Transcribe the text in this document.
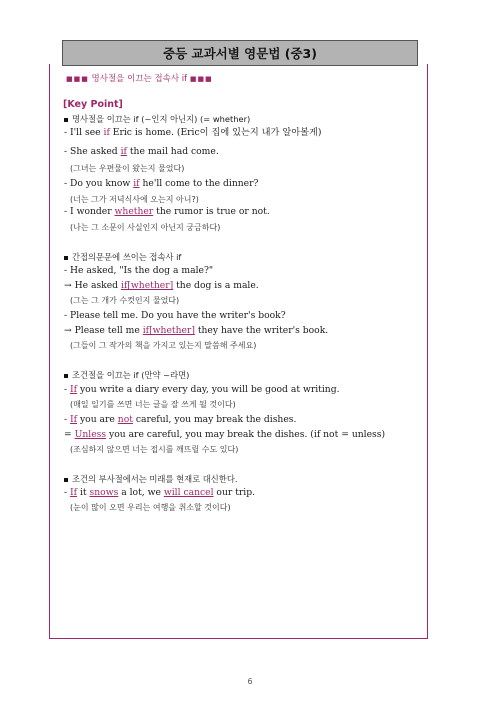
중등 교과서별 영문법 (중3)
■■■ 명사절을 이끄는 접속사 if ■■■
[Key Point]
명사절을 이끄는 if (~인지 아닌지) (= whether)
- I'll see if Eric is home. (Eric이 집에 있는지 내가 알아볼게)
- She asked if the mail had come.
(그녀는 우편물이 왔는지 물었다)
- Do you know if he'll come to the dinner?
(너는 그가 저녁식사에 오는지 아니?)
- I wonder whether the rumor is true or not.
(나는 그 소문이 사실인지 아닌지 궁금하다)
간접의문문에 쓰이는 접속사 if
- He asked, "Is the dog a male?"
→ He asked if[whether] the dog is a male.
(그는 그 개가 수컷인지 물었다)
- Please tell me. Do you have the writer's book?
→ Please tell me if[whether] they have the writer's book.
(그들이 그 작가의 책을 가지고 있는지 말씀해 주세요)
조건절을 이끄는 if (만약 ~라면)
- If you write a diary every day, you will be good at writing.
(매일 일기를 쓰면 너는 글을 잘 쓰게 될 것이다)
- If you are not careful, you may break the dishes.
= Unless you are careful, you may break the dishes. (if not = unless)
(조심하지 않으면 너는 접시를 깨뜨릴 수도 있다)
조건의 부사절에서는 미래를 현재로 대신한다.
- If it snows a lot, we will cancel our trip.
(눈이 많이 오면 우리는 여행을 취소할 것이다)
6
